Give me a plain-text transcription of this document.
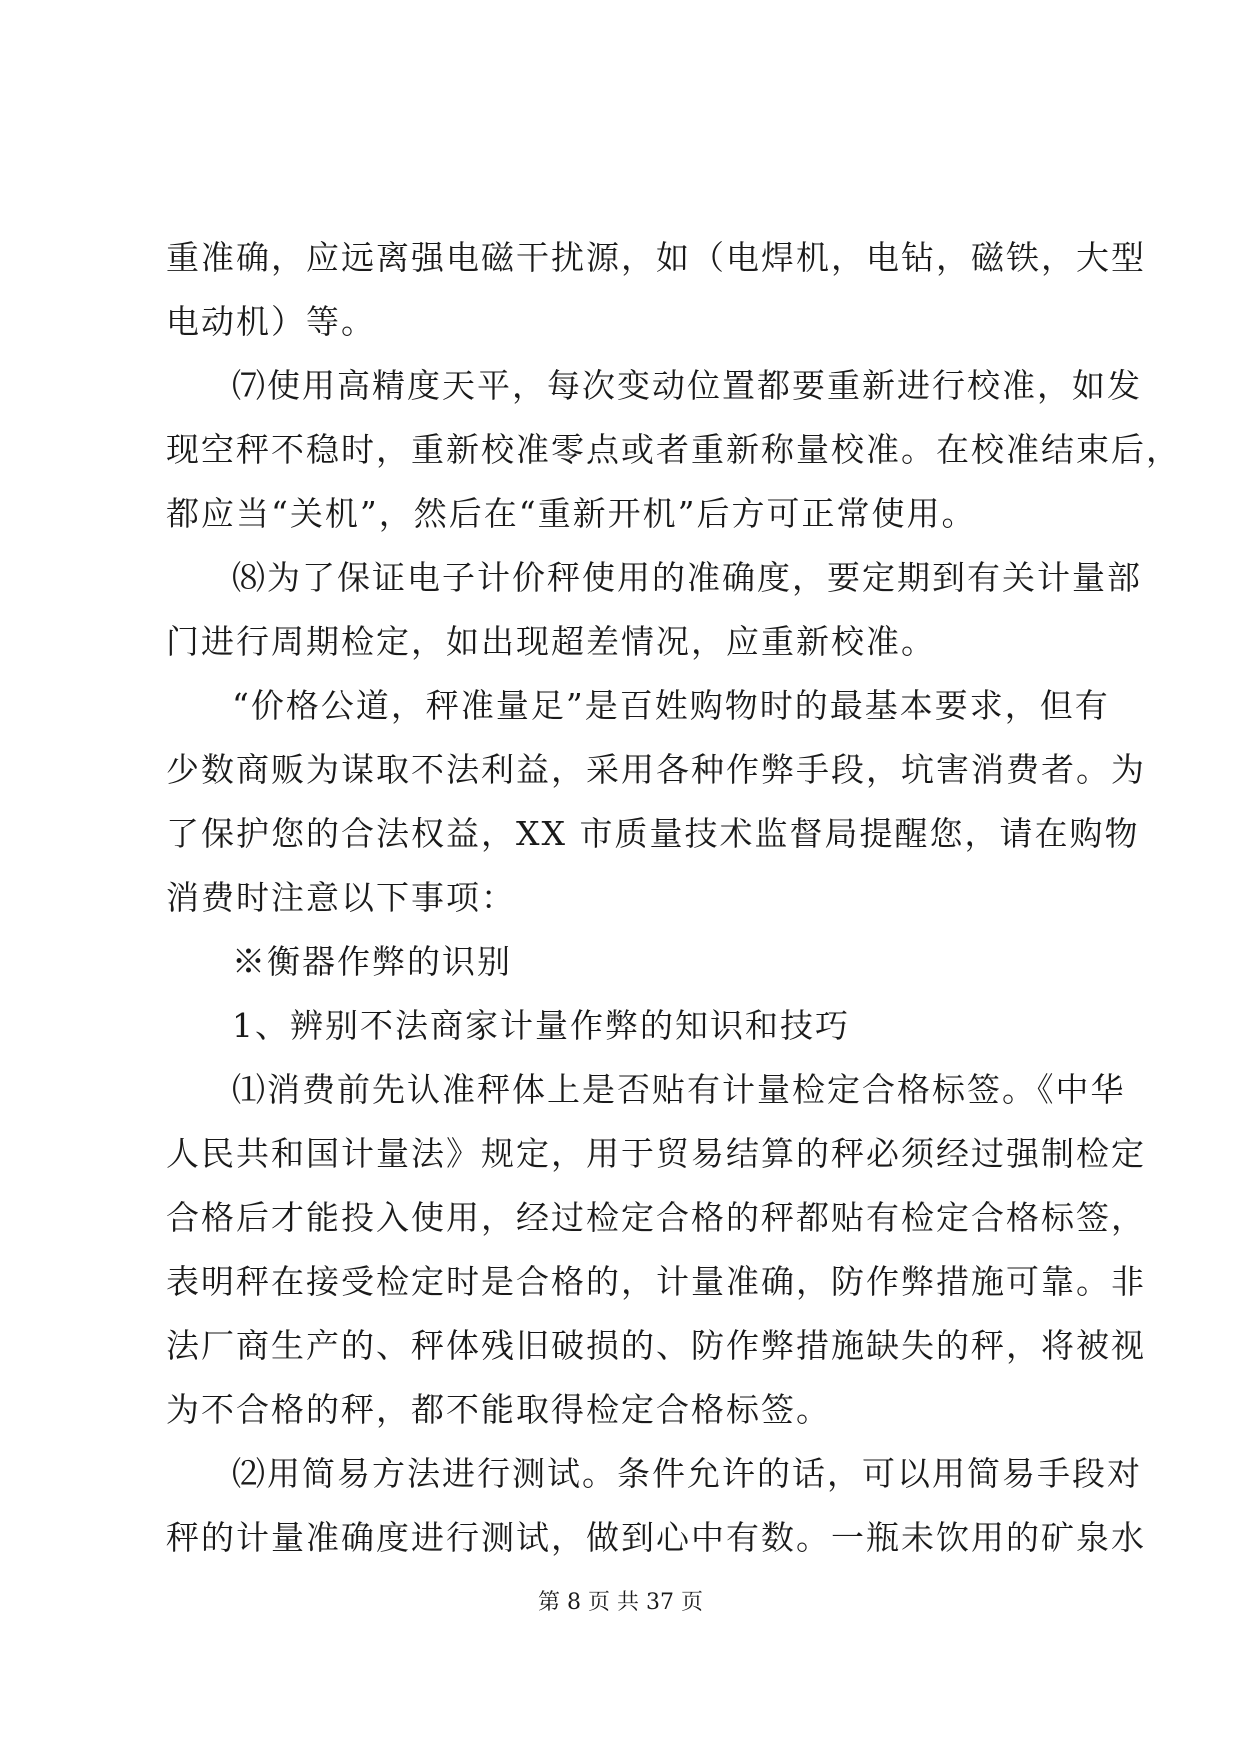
重准确，应远离强电磁干扰源，如（电焊机，电钻，磁铁，大型
电动机）等。
⑺使用高精度天平，每次变动位置都要重新进行校准，如发
现空秤不稳时，重新校准零点或者重新称量校准。在校准结束后，
都应当“关机”，然后在“重新开机”后方可正常使用。
⑻为了保证电子计价秤使用的准确度，要定期到有关计量部
门进行周期检定，如出现超差情况，应重新校准。
“价格公道，秤准量足”是百姓购物时的最基本要求，但有
少数商贩为谋取不法利益，采用各种作弊手段，坑害消费者。为
了保护您的合法权益，XX 市质量技术监督局提醒您，请在购物
消费时注意以下事项：
※衡器作弊的识别
1、辨别不法商家计量作弊的知识和技巧
⑴消费前先认准秤体上是否贴有计量检定合格标签。《中华
人民共和国计量法》规定，用于贸易结算的秤必须经过强制检定
合格后才能投入使用，经过检定合格的秤都贴有检定合格标签，
表明秤在接受检定时是合格的，计量准确，防作弊措施可靠。非
法厂商生产的、秤体残旧破损的、防作弊措施缺失的秤，将被视
为不合格的秤，都不能取得检定合格标签。
⑵用简易方法进行测试。条件允许的话，可以用简易手段对
秤的计量准确度进行测试，做到心中有数。一瓶未饮用的矿泉水
第 8 页 共 37 页
